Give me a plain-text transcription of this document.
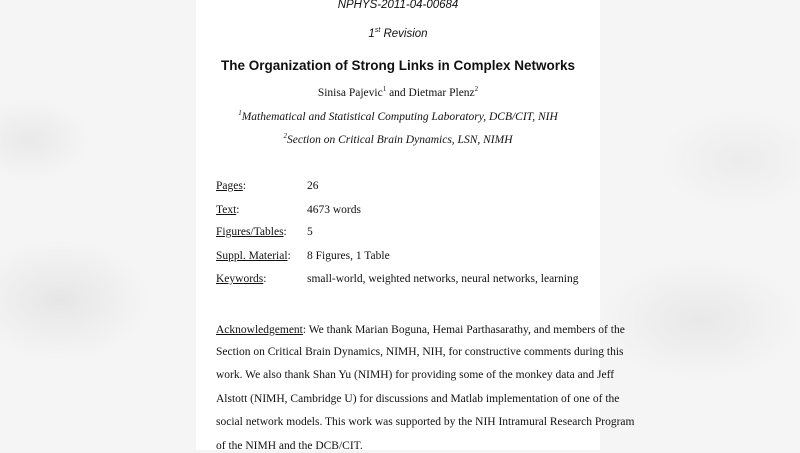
NPHYS-2011-04-00684
1st Revision
The Organization of Strong Links in Complex Networks
Sinisa Pajevic$^1$ and Dietmar Plenz$^2$
$^1$Mathematical and Statistical Computing Laboratory, DCB/CIT, NIH
$^2$Section on Critical Brain Dynamics, LSN, NIMH
Pages:	26
Text:	4673 words
Figures/Tables: 5
Suppl. Material: 8 Figures, 1 Table
Keywords:	small-world, weighted networks, neural networks, learning
Acknowledgement: We thank Marian Boguna, Hemai Parthasarathy, and members of the
Section on Critical Brain Dynamics, NIMH, NIH, for constructive comments during this
work. We also thank Shan Yu (NIMH) for providing some of the monkey data and Jeff
Alstott (NIMH, Cambridge U) for discussions and Matlab implementation of one of the
social network models. This work was supported by the NIH Intramural Research Program
of the NIMH and the DCB/CIT.
